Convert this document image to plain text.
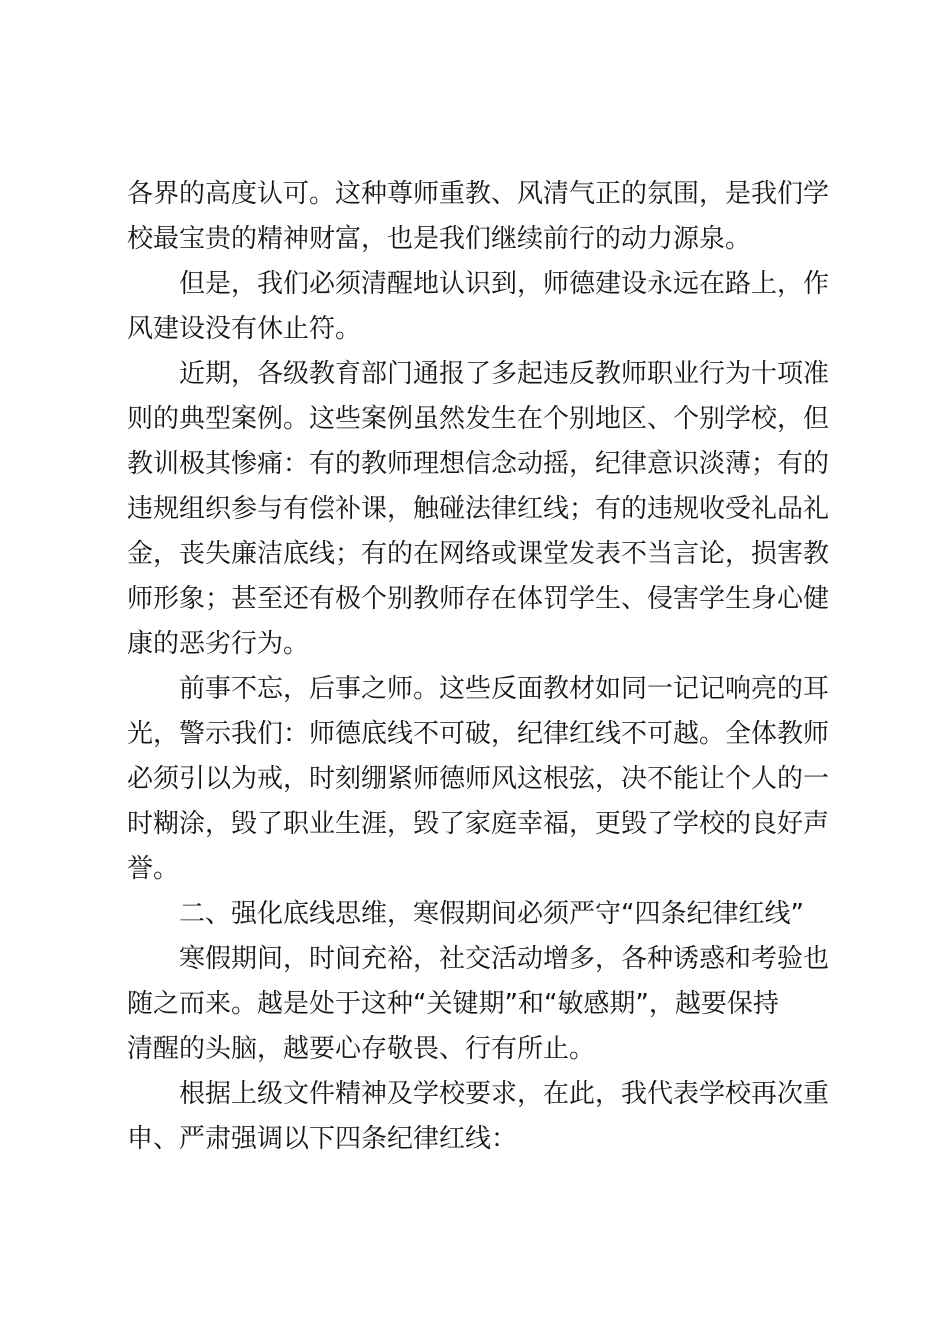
各界的高度认可。这种尊师重教、风清气正的氛围，是我们学
校最宝贵的精神财富，也是我们继续前行的动力源泉。
但是，我们必须清醒地认识到，师德建设永远在路上，作
风建设没有休止符。
近期，各级教育部门通报了多起违反教师职业行为十项准
则的典型案例。这些案例虽然发生在个别地区、个别学校，但
教训极其惨痛：有的教师理想信念动摇，纪律意识淡薄；有的
违规组织参与有偿补课，触碰法律红线；有的违规收受礼品礼
金，丧失廉洁底线；有的在网络或课堂发表不当言论，损害教
师形象；甚至还有极个别教师存在体罚学生、侵害学生身心健
康的恶劣行为。
前事不忘，后事之师。这些反面教材如同一记记响亮的耳
光，警示我们：师德底线不可破，纪律红线不可越。全体教师
必须引以为戒，时刻绷紧师德师风这根弦，决不能让个人的一
时糊涂，毁了职业生涯，毁了家庭幸福，更毁了学校的良好声
誉。
二、强化底线思维，寒假期间必须严守“四条纪律红线”
寒假期间，时间充裕，社交活动增多，各种诱惑和考验也
随之而来。越是处于这种“关键期”和“敏感期”，越要保持
清醒的头脑，越要心存敬畏、行有所止。
根据上级文件精神及学校要求，在此，我代表学校再次重
申、严肃强调以下四条纪律红线：
